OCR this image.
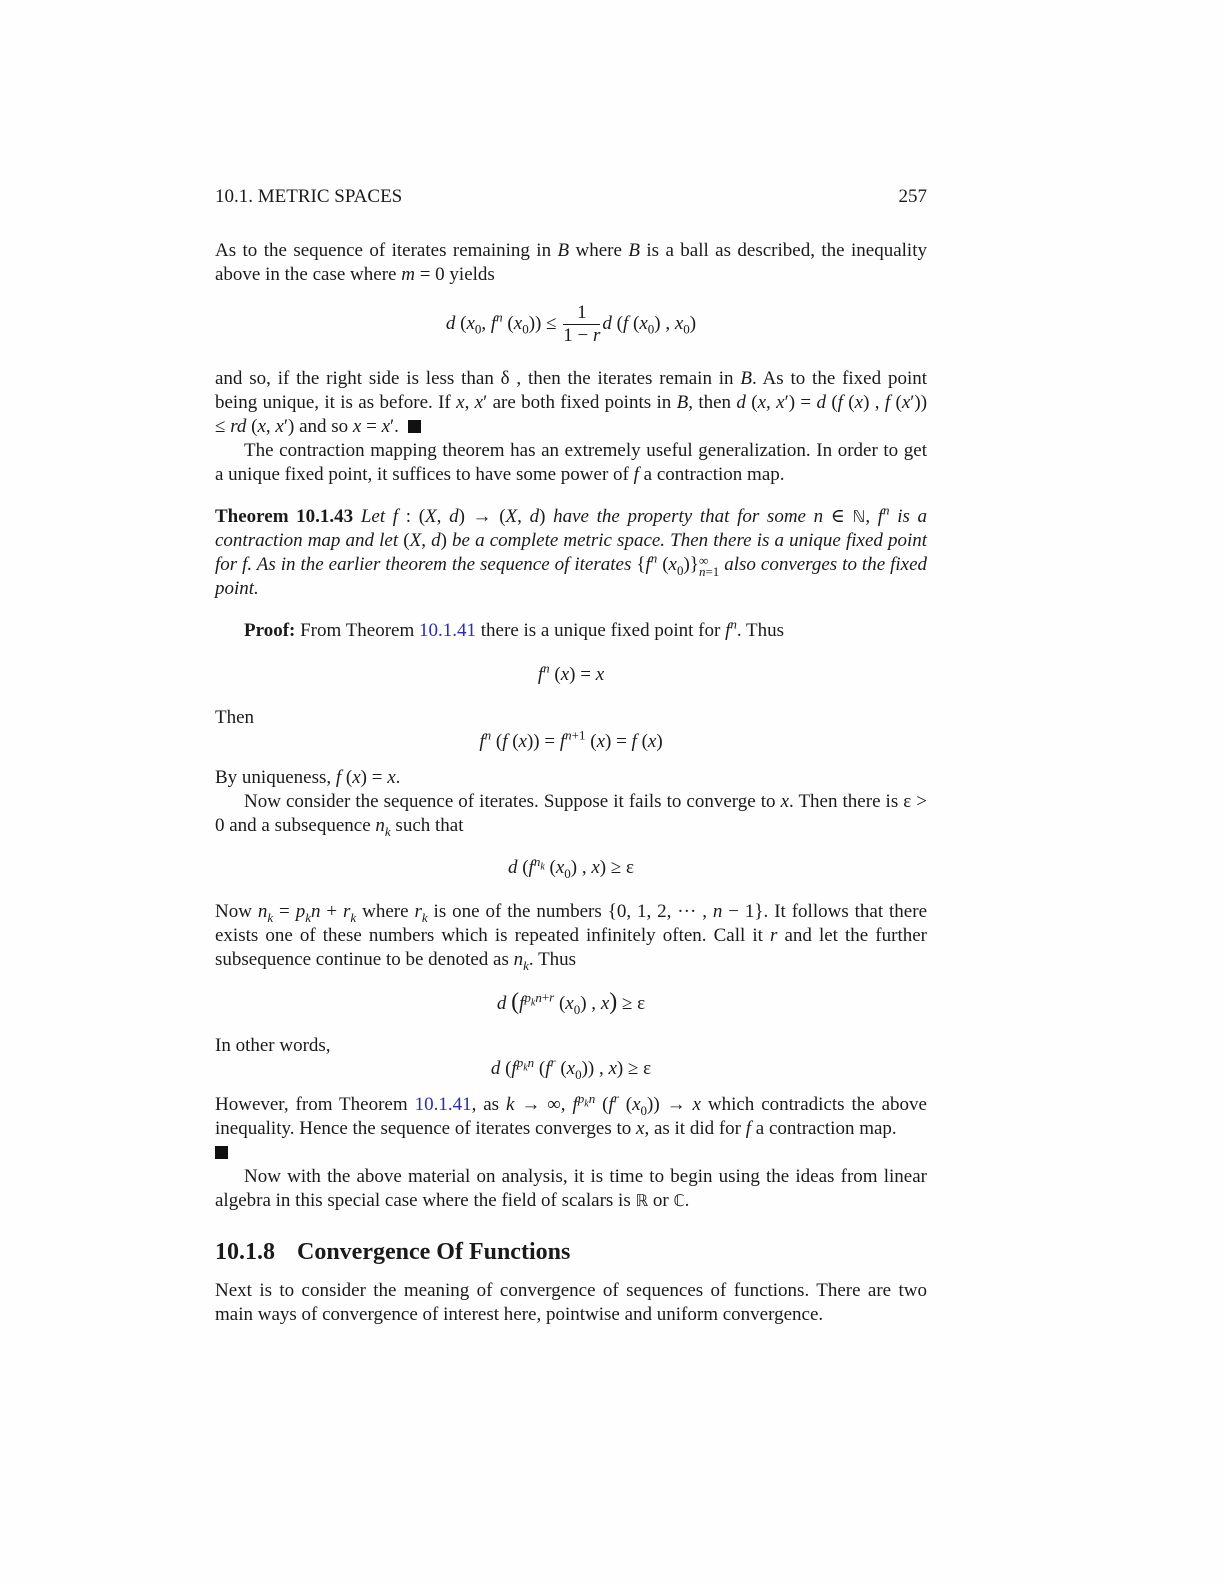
10.1. METRIC SPACES	257

As to the sequence of iterates remaining in B where B is a ball as described, the inequality above in the case where m = 0 yields

d ($x_0$, $f^n$ $(x_0)) \le \frac{1}{1 - r}$ d (f $(x_0)$ , $x_0$)

and so, if the right side is less than δ , then the iterates remain in B. As to the fixed point being unique, it is as before. If x, x′ are both fixed points in B, then d (x, x′) = d (f (x) , f (x′)) ≤ rd (x, x′) and so x = x′.

The contraction mapping theorem has an extremely useful generalization. In order to get a unique fixed point, it suffices to have some power of f a contraction map.

Theorem 10.1.43 Let f : (X, d) → (X, d) have the property that for some n ∈ ℕ, $f^n$ is a contraction map and let (X, d) be a complete metric space. Then there is a unique fixed point for f. As in the earlier theorem the sequence of iterates {$f^n$ $(x_0)$} ∞
n=1 also converges to the fixed point.

Proof: From Theorem 10.1.41 there is a unique fixed point for $f^n$. Thus

$f^n$ (x) = x
Then
$f^n$ (f $(x)) = f^{n+1}$ (x) = f (x)

By uniqueness, f (x) = x.

Now consider the sequence of iterates. Suppose it fails to converge to x. Then there is ε > 0 and a subsequence $n_k$ such that

d ($f^{n_k}$ $(x_0)$ , x) ≥ ε

Now $n_k = p_kn + r_k$ where $r_k$ is one of the numbers {0, 1, 2, ··· , n − 1}. It follows that there exists one of these numbers which is repeated infinitely often. Call it r and let the further subsequence continue to be denoted as $n_k$. Thus

d ($f^{p_kn+r}$ $(x_0)$ , x) ≥ ε
In other words,
d ($f^{p_kn}$ ($f^r$ $(x_0)$) , x) ≥ ε

However, from Theorem 10.1.41, as k → ∞, $f^{p_kn}$ ($f^r$ $(x_0)) \to x$ which contradicts the above inequality. Hence the sequence of iterates converges to x, as it did for f a contraction map.

Now with the above material on analysis, it is time to begin using the ideas from linear algebra in this special case where the field of scalars is ℝ or ℂ.

10.1.8 Convergence Of Functions

Next is to consider the meaning of convergence of sequences of functions. There are two main ways of convergence of interest here, pointwise and uniform convergence.
